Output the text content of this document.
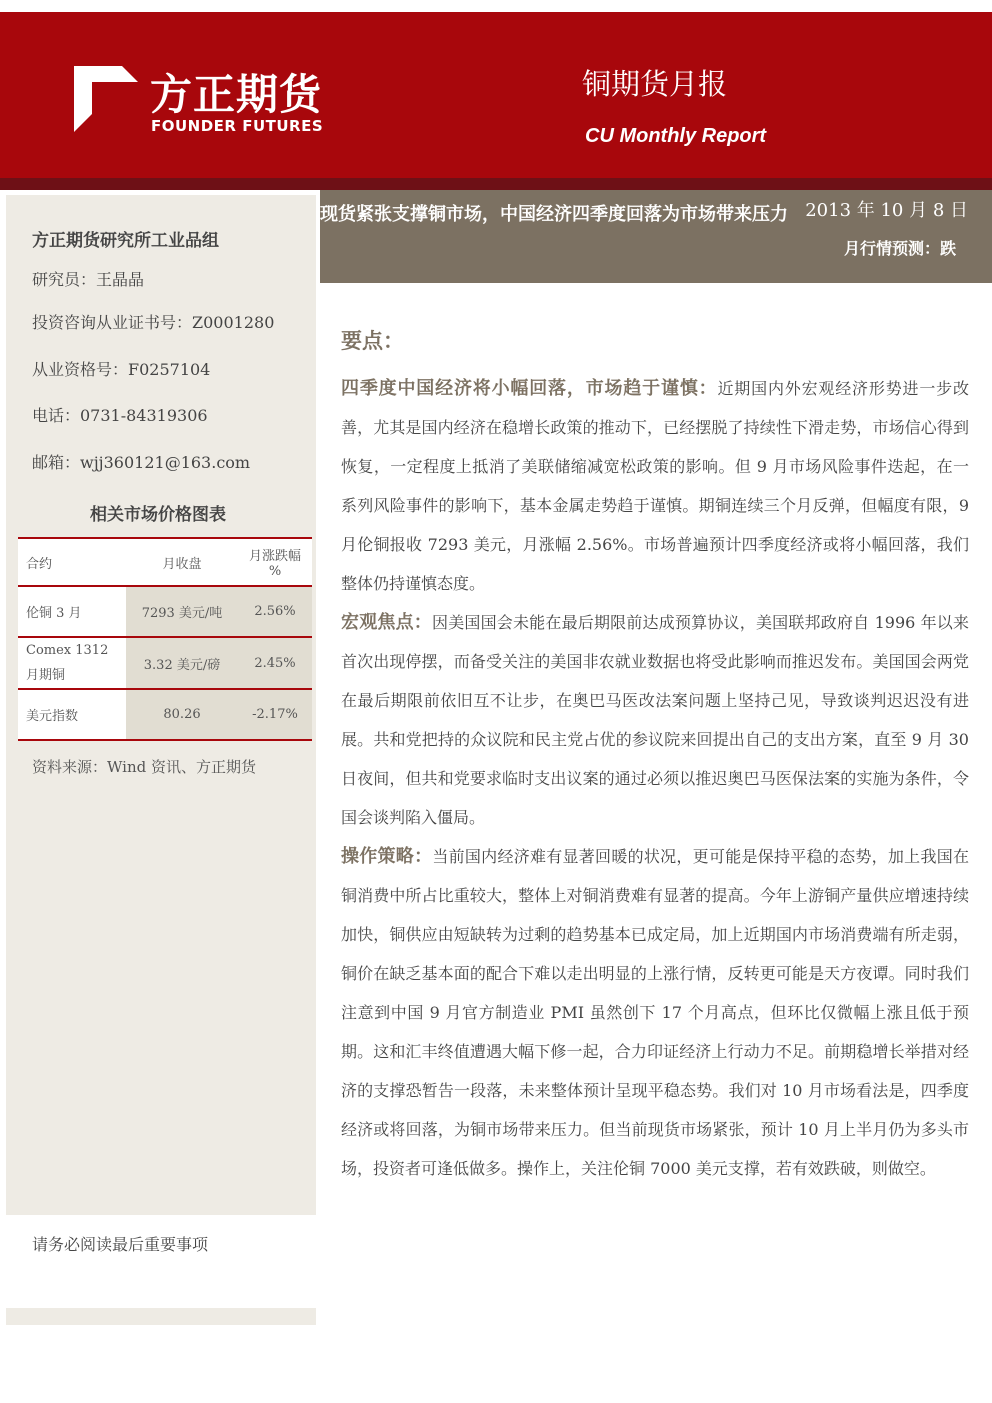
方正期货
FOUNDER FUTURES
铜期货月报
CU Monthly Report
方正期货研究所工业品组
研究员：王晶晶
投资咨询从业证书号：Z0001280
从业资格号：F0257104
电话：0731-84319306
邮箱：wjj360121@163.com
相关市场价格图表
合约	月收盘	月涨跌幅 %
伦铜 3 月	7293 美元/吨	2.56%
Comex 1312 月期铜	3.32 美元/磅	2.45%
美元指数	80.26	-2.17%
资料来源：Wind 资讯、方正期货
请务必阅读最后重要事项
现货紧张支撑铜市场，中国经济四季度回落为市场带来压力 2013 年 10 月 8 日
月行情预测：跌
要点：

四季度中国经济将小幅回落，市场趋于谨慎：近期国内外宏观经济形势进一步改善，尤其是国内经济在稳增长政策的推动下，已经摆脱了持续性下滑走势，市场信心得到恢复，一定程度上抵消了美联储缩减宽松政策的影响。但 9 月市场风险事件迭起，在一系列风险事件的影响下，基本金属走势趋于谨慎。期铜连续三个月反弹，但幅度有限，9 月伦铜报收 7293 美元，月涨幅 2.56%。市场普遍预计四季度经济或将小幅回落，我们整体仍持谨慎态度。

宏观焦点：因美国国会未能在最后期限前达成预算协议，美国联邦政府自 1996 年以来首次出现停摆，而备受关注的美国非农就业数据也将受此影响而推迟发布。美国国会两党在最后期限前依旧互不让步，在奥巴马医改法案问题上坚持己见，导致谈判迟迟没有进展。共和党把持的众议院和民主党占优的参议院来回提出自己的支出方案，直至 9 月 30 日夜间，但共和党要求临时支出议案的通过必须以推迟奥巴马医保法案的实施为条件，令国会谈判陷入僵局。

操作策略：当前国内经济难有显著回暖的状况，更可能是保持平稳的态势，加上我国在铜消费中所占比重较大，整体上对铜消费难有显著的提高。今年上游铜产量供应增速持续加快，铜供应由短缺转为过剩的趋势基本已成定局，加上近期国内市场消费端有所走弱，铜价在缺乏基本面的配合下难以走出明显的上涨行情，反转更可能是天方夜谭。同时我们注意到中国 9 月官方制造业 PMI 虽然创下 17 个月高点，但环比仅微幅上涨且低于预期。这和汇丰终值遭遇大幅下修一起，合力印证经济上行动力不足。前期稳增长举措对经济的支撑恐暂告一段落，未来整体预计呈现平稳态势。我们对 10 月市场看法是，四季度经济或将回落，为铜市场带来压力。但当前现货市场紧张，预计 10 月上半月仍为多头市场，投资者可逢低做多。操作上，关注伦铜 7000 美元支撑，若有效跌破，则做空。
